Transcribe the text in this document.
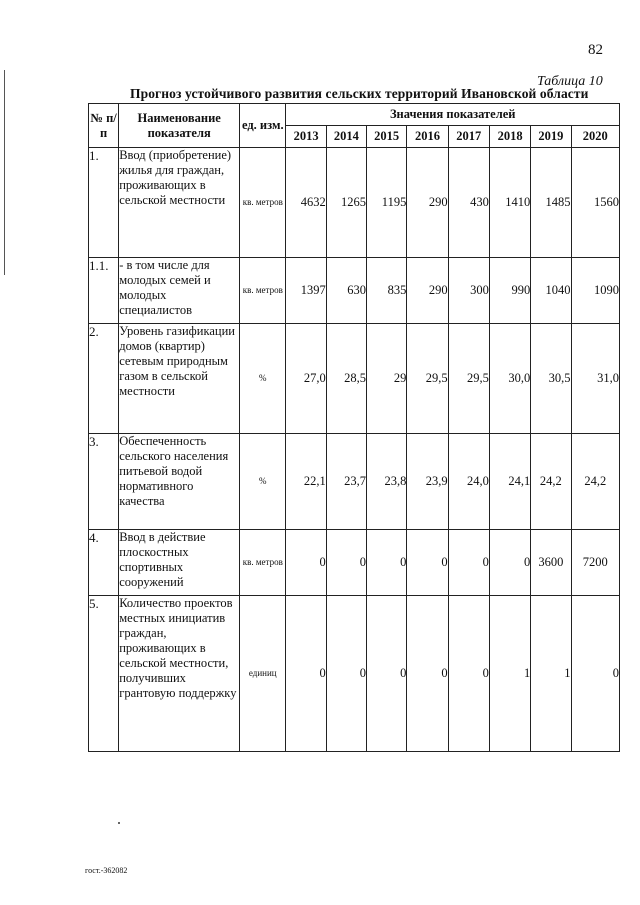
82
Таблица 10
Прогноз устойчивого развития сельских территорий Ивановской области
№ п/п	Наименование показателя	ед. изм.	Значения показателей							
			2013	2014	2015	2016	2017	2018	2019	2020
1.	Ввод (приобретение) жилья для граждан, проживающих в сельской местности	кв. метров	4632	1265	1195	290	430	1410	1485	1560
1.1.	- в том числе для молодых семей и молодых специалистов	кв. метров	1397	630	835	290	300	990	1040	1090
2.	Уровень газификации домов (квартир) сетевым природным газом в сельской местности	%	27,0	28,5	29	29,5	29,5	30,0	30,5	31,0
3.	Обеспеченность сельского населения питьевой водой нормативного качества	%	22,1	23,7	23,8	23,9	24,0	24,1	24,2	24,2
4.	Ввод в действие плоскостных спортивных сооружений	кв. метров	0	0	0	0	0	0	3600	7200
5.	Количество проектов местных инициатив граждан, проживающих в сельской местности, получивших грантовую поддержку	единиц	0	0	0	0	0	1	1	0
гост.-362082
